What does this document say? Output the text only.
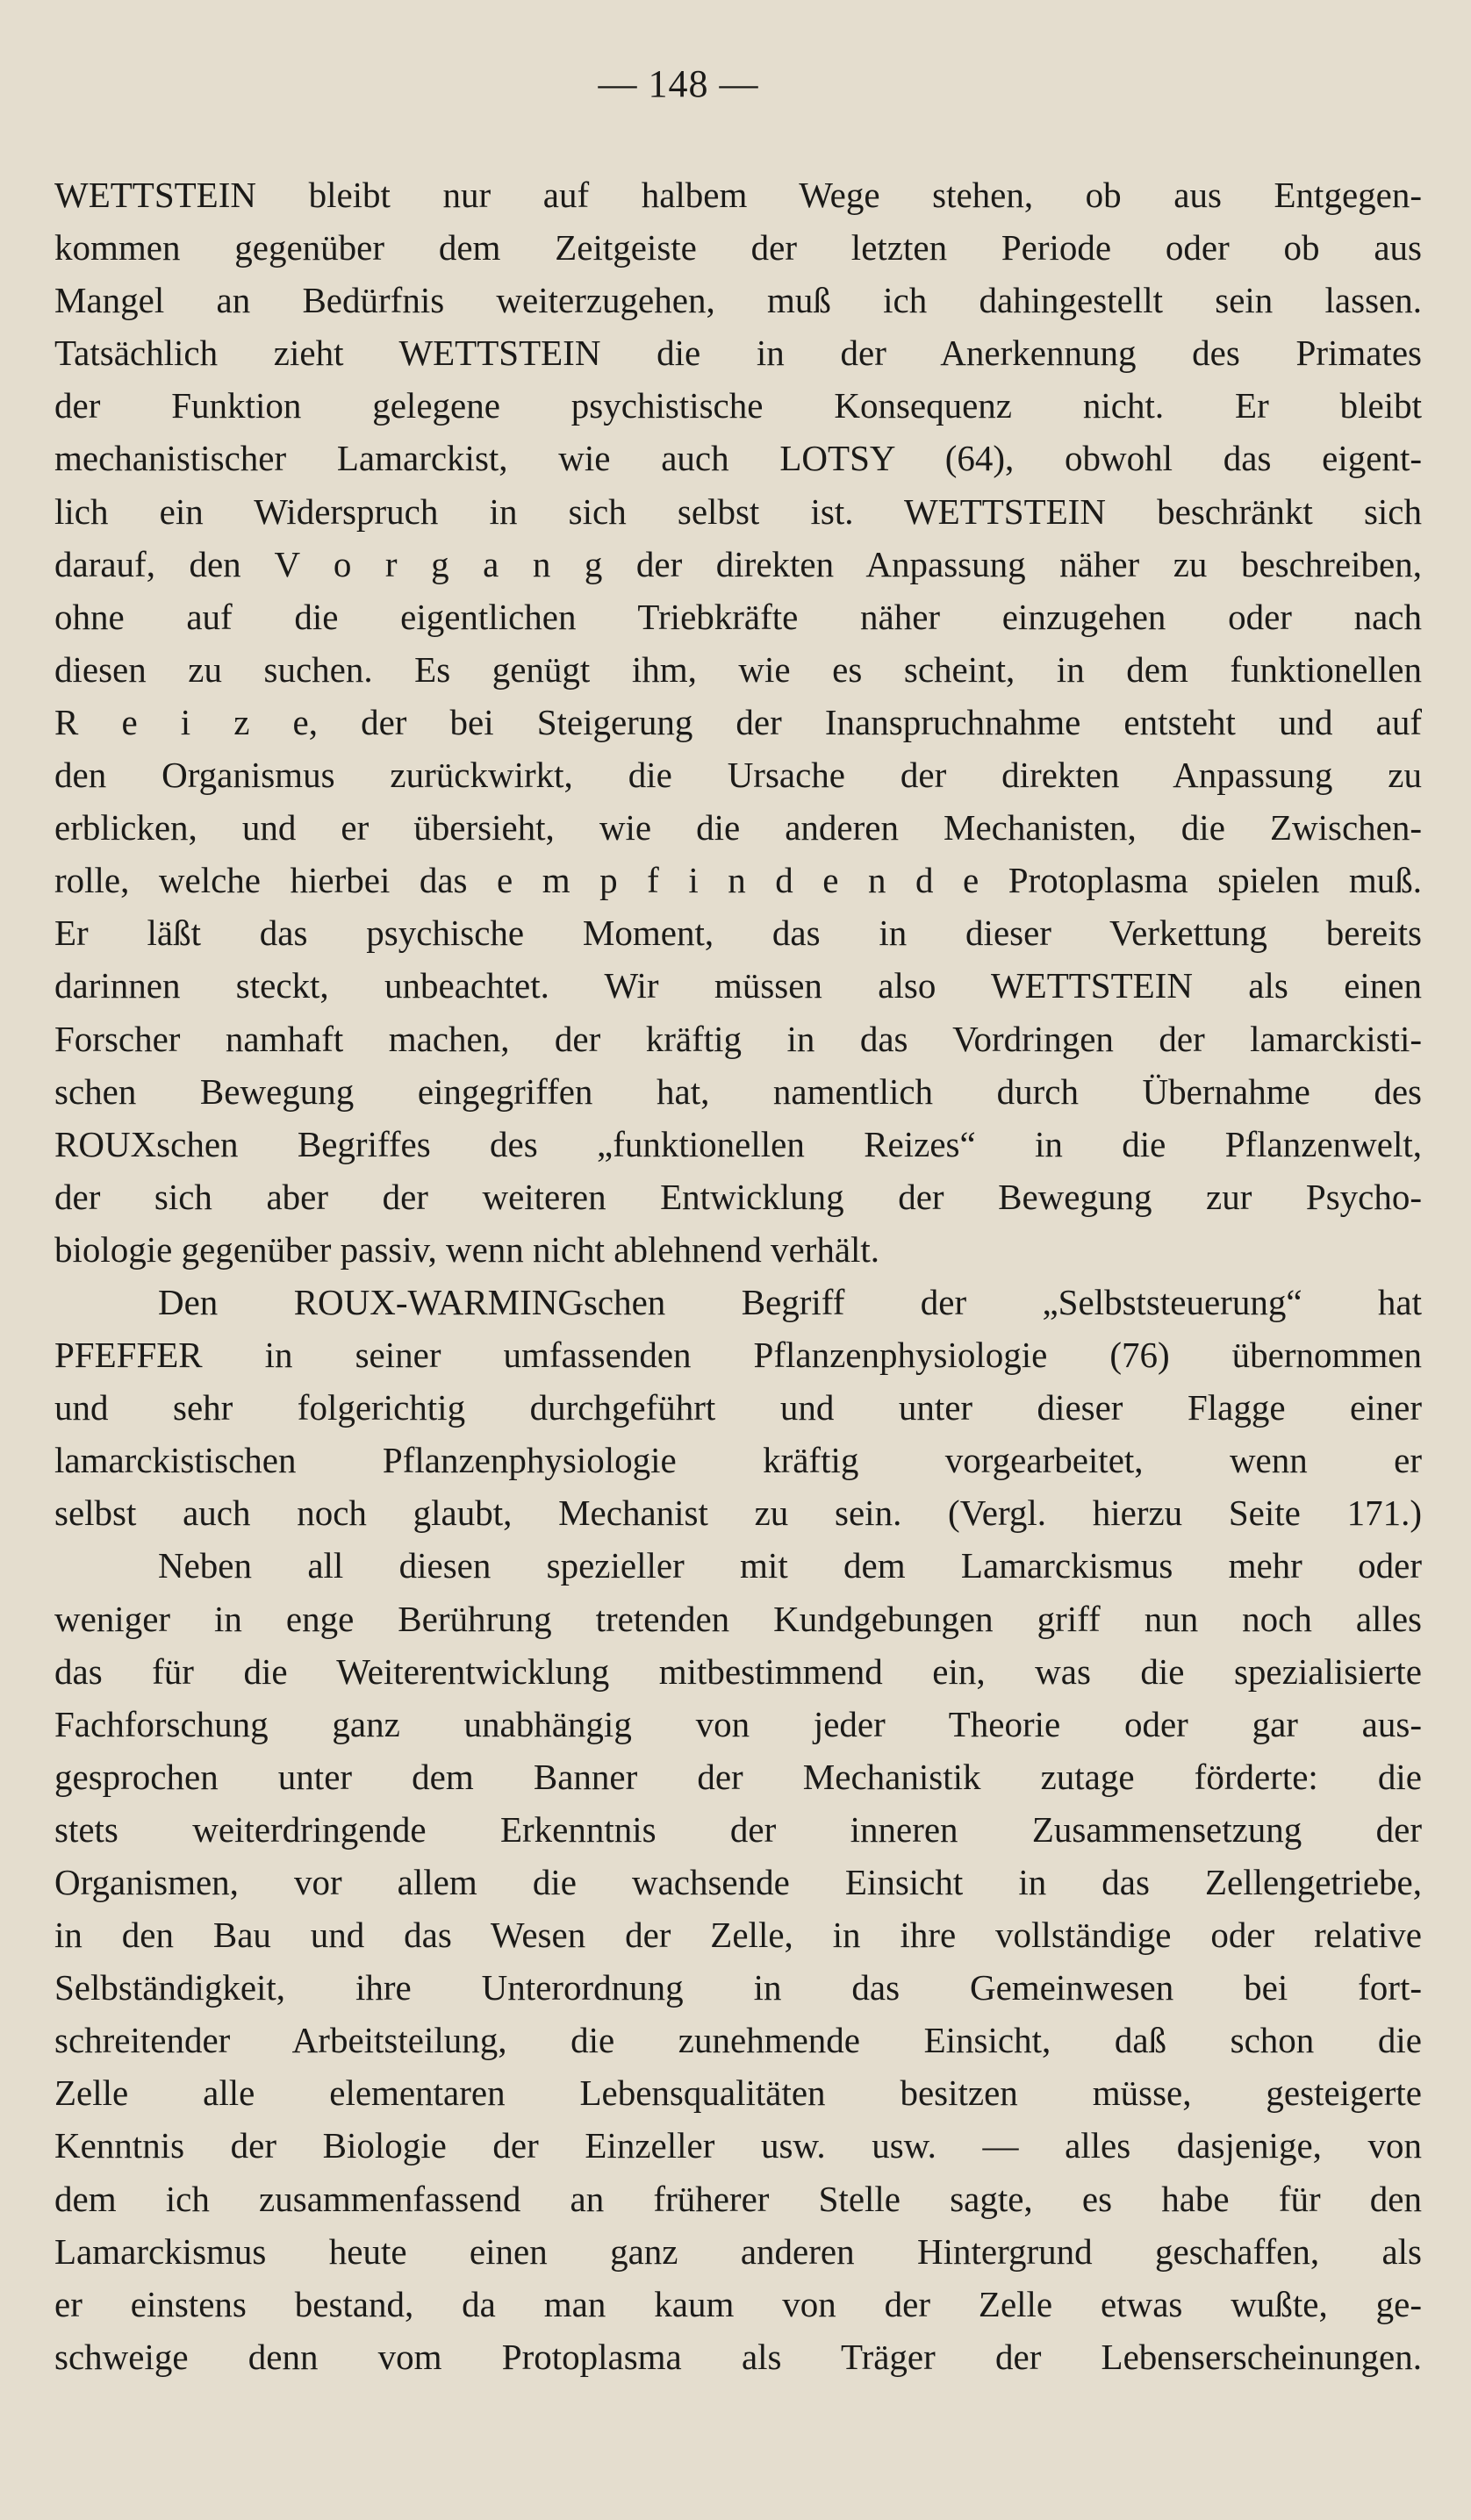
— 148 —
WETTSTEIN bleibt nur auf halbem Wege stehen, ob aus Entgegen-
kommen gegenüber dem Zeitgeiste der letzten Periode oder ob aus
Mangel an Bedürfnis weiterzugehen, muß ich dahingestellt sein lassen.
Tatsächlich zieht WETTSTEIN die in der Anerkennung des Primates
der Funktion gelegene psychistische Konsequenz nicht. Er bleibt
mechanistischer Lamarckist, wie auch LOTSY (64), obwohl das eigent-
lich ein Widerspruch in sich selbst ist. WETTSTEIN beschränkt sich
darauf, den V o r g a n g der direkten Anpassung näher zu beschreiben,
ohne auf die eigentlichen Triebkräfte näher einzugehen oder nach
diesen zu suchen. Es genügt ihm, wie es scheint, in dem funktionellen
R e i z e, der bei Steigerung der Inanspruchnahme entsteht und auf
den Organismus zurückwirkt, die Ursache der direkten Anpassung zu
erblicken, und er übersieht, wie die anderen Mechanisten, die Zwischen-
rolle, welche hierbei das e m p f i n d e n d e Protoplasma spielen muß.
Er läßt das psychische Moment, das in dieser Verkettung bereits
darinnen steckt, unbeachtet. Wir müssen also WETTSTEIN als einen
Forscher namhaft machen, der kräftig in das Vordringen der lamarckisti-
schen Bewegung eingegriffen hat, namentlich durch Übernahme des
ROUXschen Begriffes des „funktionellen Reizes“ in die Pflanzenwelt,
der sich aber der weiteren Entwicklung der Bewegung zur Psycho-
biologie gegenüber passiv, wenn nicht ablehnend verhält.
Den ROUX-WARMINGschen Begriff der „Selbststeuerung“ hat
PFEFFER in seiner umfassenden Pflanzenphysiologie (76) übernommen
und sehr folgerichtig durchgeführt und unter dieser Flagge einer
lamarckistischen Pflanzenphysiologie kräftig vorgearbeitet, wenn er
selbst auch noch glaubt, Mechanist zu sein. (Vergl. hierzu Seite 171.)
Neben all diesen spezieller mit dem Lamarckismus mehr oder
weniger in enge Berührung tretenden Kundgebungen griff nun noch alles
das für die Weiterentwicklung mitbestimmend ein, was die spezialisierte
Fachforschung ganz unabhängig von jeder Theorie oder gar aus-
gesprochen unter dem Banner der Mechanistik zutage förderte: die
stets weiterdringende Erkenntnis der inneren Zusammensetzung der
Organismen, vor allem die wachsende Einsicht in das Zellengetriebe,
in den Bau und das Wesen der Zelle, in ihre vollständige oder relative
Selbständigkeit, ihre Unterordnung in das Gemeinwesen bei fort-
schreitender Arbeitsteilung, die zunehmende Einsicht, daß schon die
Zelle alle elementaren Lebensqualitäten besitzen müsse, gesteigerte
Kenntnis der Biologie der Einzeller usw. usw. — alles dasjenige, von
dem ich zusammenfassend an früherer Stelle sagte, es habe für den
Lamarckismus heute einen ganz anderen Hintergrund geschaffen, als
er einstens bestand, da man kaum von der Zelle etwas wußte, ge-
schweige denn vom Protoplasma als Träger der Lebenserscheinungen.
